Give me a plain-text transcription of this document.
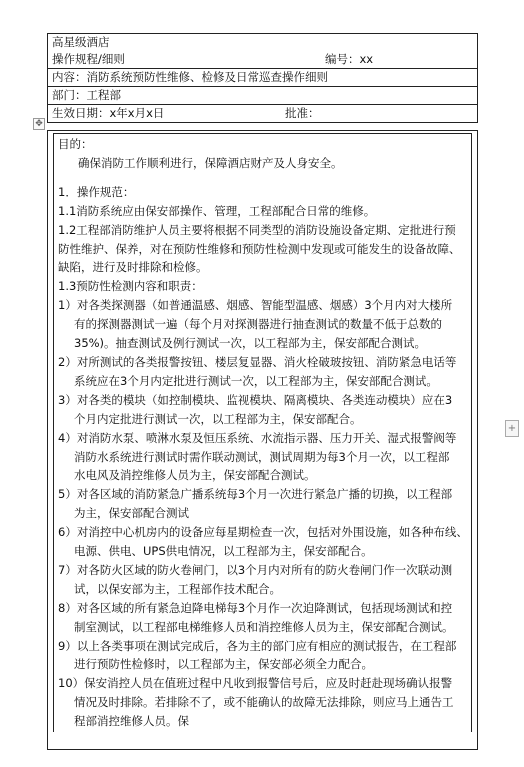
高星级酒店
操作规程/细则	编号：xx
内容：消防系统预防性维修、检修及日常巡查操作细则
部门：工程部
生效日期：x年x月x日	批准：
✥

目的：

确保消防工作顺利进行，保障酒店财产及人身安全。

1．操作规范：

1.1消防系统应由保安部操作、管理，工程部配合日常的维修。

1.2工程部消防维护人员主要将根据不同类型的消防设施设备定期、定批进行预

防性维护、保养，对在预防性维修和预防性检测中发现或可能发生的设备故障、

缺陷，进行及时排除和检修。

1.3预防性检测内容和职责：

1）对各类探测器（如普通温感、烟感、智能型温感、烟感）3个月内对大楼所

有的探测器测试一遍（每个月对探测器进行抽查测试的数量不低于总数的

35%)。抽查测试及例行测试一次，以工程部为主，保安部配合测试。

2）对所测试的各类报警按钮、楼层复显器、消火栓破玻按钮、消防紧急电话等

系统应在3个月内定批进行测试一次，以工程部为主，保安部配合测试。

3）对各类的模块（如控制模块、监视模块、隔离模块、各类连动模块）应在3

个月内定批进行测试一次，以工程部为主，保安部配合。

4）对消防水泵、喷淋水泵及恒压系统、水流指示器、压力开关、湿式报警阀等

消防水系统进行测试时需作联动测试，测试周期为每3个月一次，以工程部

水电风及消控维修人员为主，保安部配合测试。

5）对各区域的消防紧急广播系统每3个月一次进行紧急广播的切换，以工程部

为主，保安部配合测试

6）对消控中心机房内的设备应每星期检查一次，包括对外围设施，如各种布线、

电源、供电、UPS供电情况，以工程部为主，保安部配合。

7）对各防火区域的防火卷闸门，以3个月内对所有的防火卷闸门作一次联动测

试，以保安部为主，工程部作技术配合。

8）对各区域的所有紧急迫降电梯每3个月作一次迫降测试，包括现场测试和控

制室测试，以工程部电梯维修人员和消控维修人员为主，保安部配合测试。

9）以上各类事项在测试完成后，各为主的部门应有相应的测试报告，在工程部

进行预防性检修时，以工程部为主，保安部必须全力配合。

10）保安消控人员在值班过程中凡收到报警信号后，应及时赶赴现场确认报警

情况及时排除。若排除不了，或不能确认的故障无法排除，则应马上通告工

程部消控维修人员。保

+
